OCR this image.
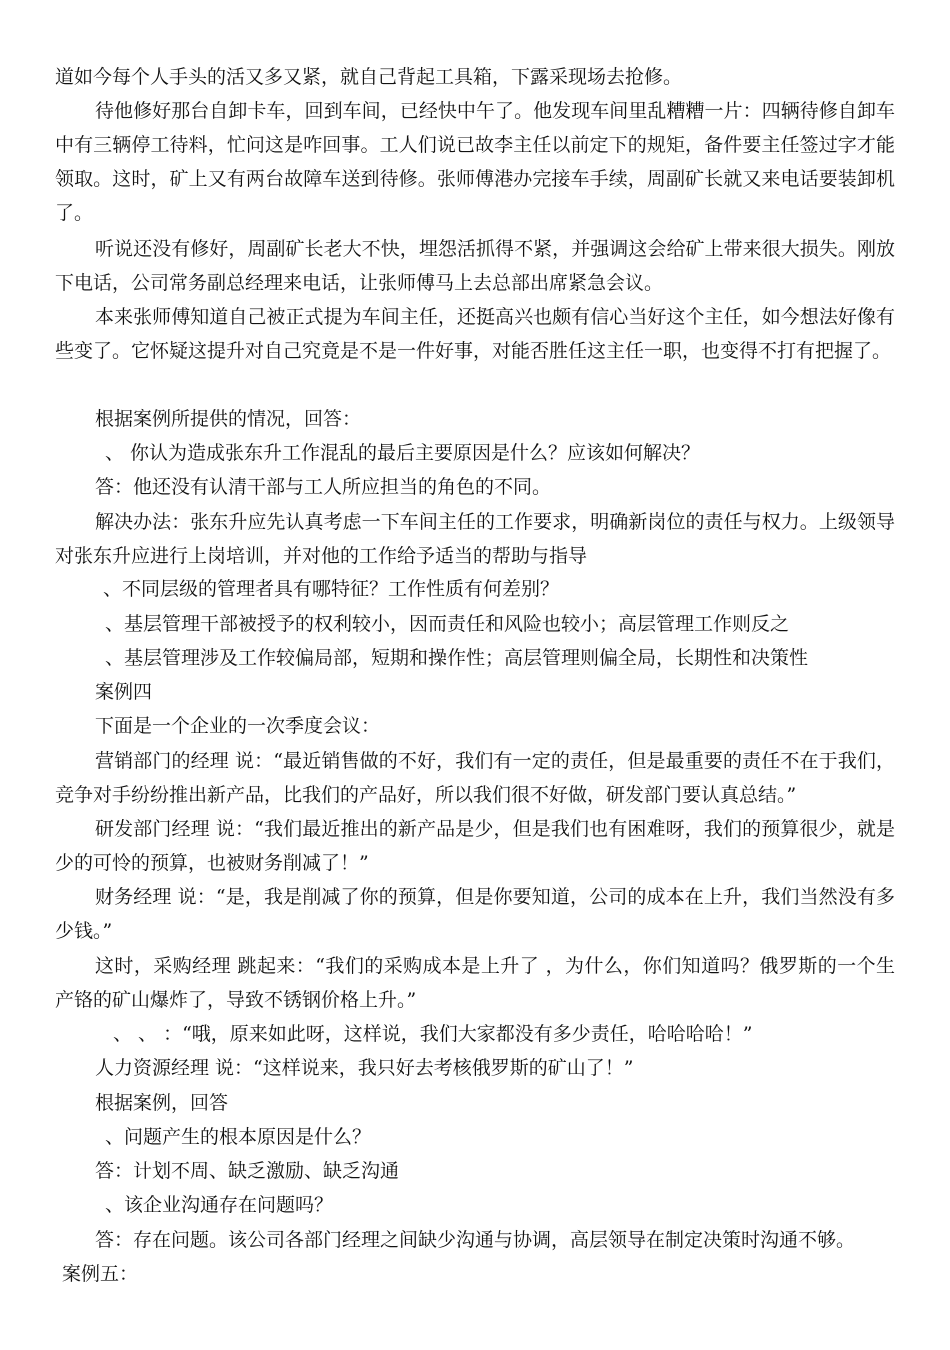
道如今每个人手头的活又多又紧，就自己背起工具箱，下露采现场去抢修。

待他修好那台自卸卡车，回到车间，已经快中午了。他发现车间里乱糟糟一片：四辆待修自卸车中有三辆停工待料，忙问这是咋回事。工人们说已故李主任以前定下的规矩，备件要主任签过字才能领取。这时，矿上又有两台故障车送到待修。张师傅港办完接车手续，周副矿长就又来电话要装卸机了。

听说还没有修好，周副矿长老大不快，埋怨活抓得不紧，并强调这会给矿上带来很大损失。刚放下电话，公司常务副总经理来电话，让张师傅马上去总部出席紧急会议。

本来张师傅知道自己被正式提为车间主任，还挺高兴也颇有信心当好这个主任，如今想法好像有些变了。它怀疑这提升对自己究竟是不是一件好事，对能否胜任这主任一职，也变得不打有把握了。

根据案例所提供的情况，回答：

、 你认为造成张东升工作混乱的最后主要原因是什么？应该如何解决？

答：他还没有认清干部与工人所应担当的角色的不同。

解决办法：张东升应先认真考虑一下车间主任的工作要求，明确新岗位的责任与权力。上级领导对张东升应进行上岗培训，并对他的工作给予适当的帮助与指导

、不同层级的管理者具有哪特征？工作性质有何差别？

、基层管理干部被授予的权利较小，因而责任和风险也较小；高层管理工作则反之

、基层管理涉及工作较偏局部，短期和操作性；高层管理则偏全局，长期性和决策性

案例四

下面是一个企业的一次季度会议：

营销部门的经理 说：“最近销售做的不好，我们有一定的责任，但是最重要的责任不在于我们，竞争对手纷纷推出新产品，比我们的产品好，所以我们很不好做，研发部门要认真总结。”

研发部门经理 说：“我们最近推出的新产品是少，但是我们也有困难呀，我们的预算很少，就是少的可怜的预算，也被财务削减了！”

财务经理 说：“是，我是削减了你的预算，但是你要知道，公司的成本在上升，我们当然没有多少钱。”

这时，采购经理 跳起来：“我们的采购成本是上升了 ，为什么，你们知道吗？俄罗斯的一个生产铬的矿山爆炸了，导致不锈钢价格上升。”

、 、 ：“哦，原来如此呀，这样说，我们大家都没有多少责任，哈哈哈哈！”

人力资源经理 说：“这样说来，我只好去考核俄罗斯的矿山了！”

根据案例，回答

、问题产生的根本原因是什么？

答：计划不周、缺乏激励、缺乏沟通

、该企业沟通存在问题吗？

答：存在问题。该公司各部门经理之间缺少沟通与协调，高层领导在制定决策时沟通不够。

案例五：
